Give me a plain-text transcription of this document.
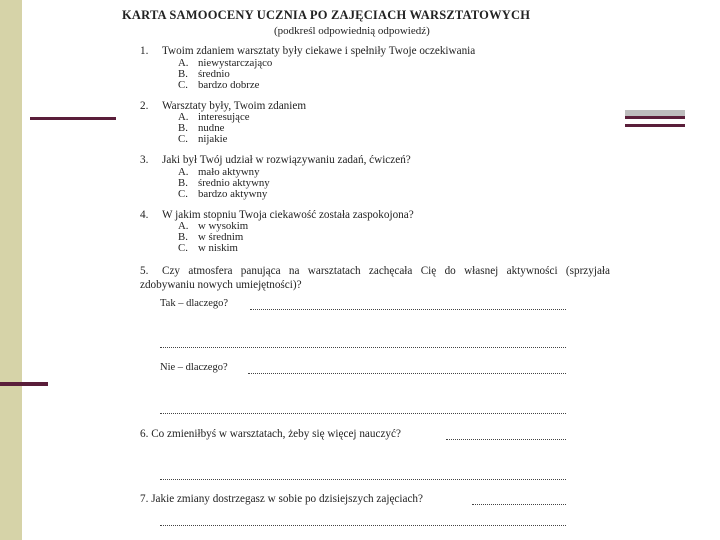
KARTA SAMOOCENY UCZNIA PO ZAJĘCIACH WARSZTATOWYCH
(podkreśl odpowiednią odpowiedź)
1. Twoim zdaniem warsztaty były ciekawe i spełniły Twoje oczekiwania
A. niewystarczająco
B. średnio
C. bardzo dobrze
2. Warsztaty były, Twoim zdaniem
A. interesujące
B. nudne
C. nijakie
3. Jaki był Twój udział w rozwiązywaniu zadań, ćwiczeń?
A. mało aktywny
B. średnio aktywny
C. bardzo aktywny
4. W jakim stopniu Twoja ciekawość została zaspokojona?
A. w wysokim
B. w średnim
C. w niskim
5. Czy atmosfera panująca na warsztatach zachęcała Cię do własnej aktywności (sprzyjała zdobywaniu nowych umiejętności)?
Tak – dlaczego?
Nie – dlaczego?
6. Co zmieniłbyś w warsztatach, żeby się więcej nauczyć?
7. Jakie zmiany dostrzegasz w sobie po dzisiejszych zajęciach?
